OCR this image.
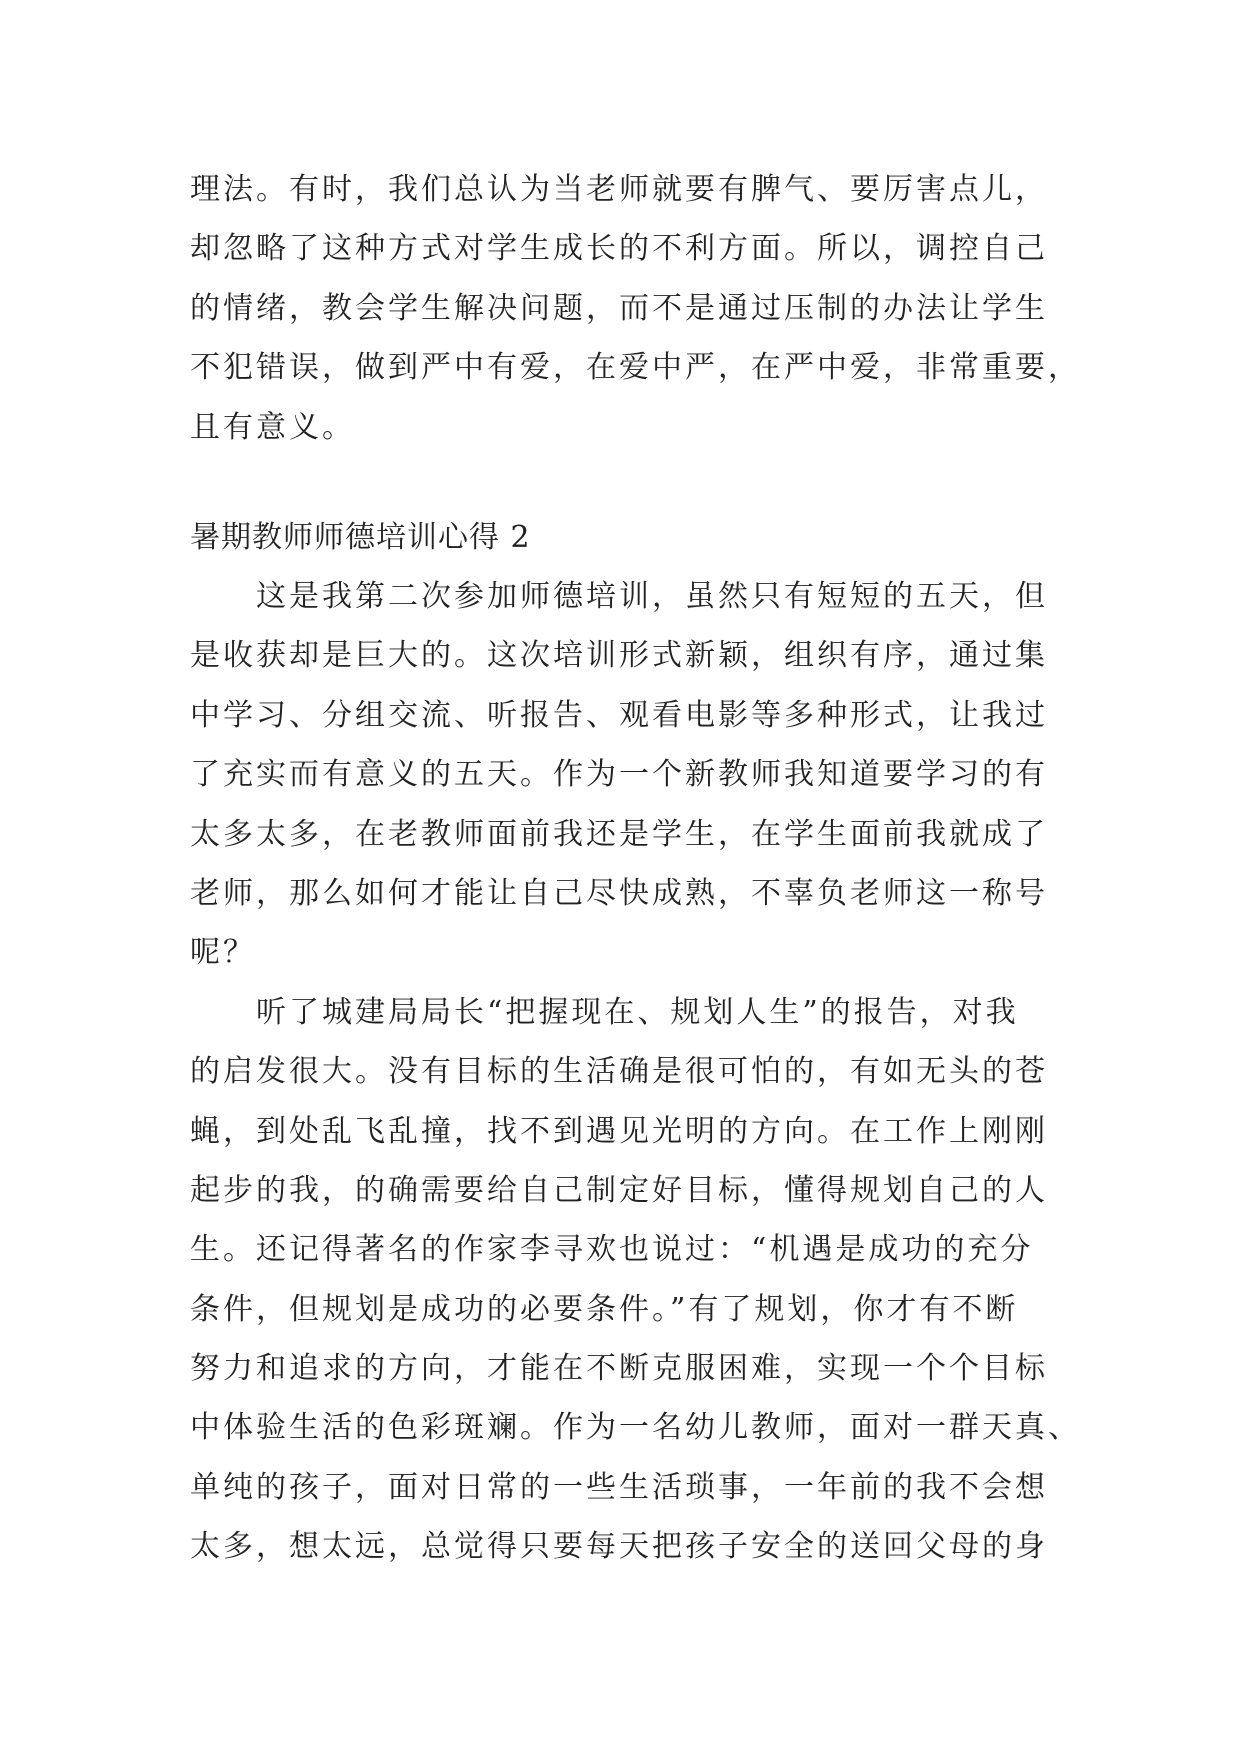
理法。有时，我们总认为当老师就要有脾气、要厉害点儿，
却忽略了这种方式对学生成长的不利方面。所以，调控自己
的情绪，教会学生解决问题，而不是通过压制的办法让学生
不犯错误，做到严中有爱，在爱中严，在严中爱，非常重要，
且有意义。
暑期教师师德培训心得 2
　　这是我第二次参加师德培训，虽然只有短短的五天，但
是收获却是巨大的。这次培训形式新颖，组织有序，通过集
中学习、分组交流、听报告、观看电影等多种形式，让我过
了充实而有意义的五天。作为一个新教师我知道要学习的有
太多太多，在老教师面前我还是学生，在学生面前我就成了
老师，那么如何才能让自己尽快成熟，不辜负老师这一称号
呢？
　　听了城建局局长“把握现在、规划人生”的报告，对我
的启发很大。没有目标的生活确是很可怕的，有如无头的苍
蝇，到处乱飞乱撞，找不到遇见光明的方向。在工作上刚刚
起步的我，的确需要给自己制定好目标，懂得规划自己的人
生。还记得著名的作家李寻欢也说过：“机遇是成功的充分
条件，但规划是成功的必要条件。”有了规划，你才有不断
努力和追求的方向，才能在不断克服困难，实现一个个目标
中体验生活的色彩斑斓。作为一名幼儿教师，面对一群天真、
单纯的孩子，面对日常的一些生活琐事，一年前的我不会想
太多，想太远，总觉得只要每天把孩子安全的送回父母的身
